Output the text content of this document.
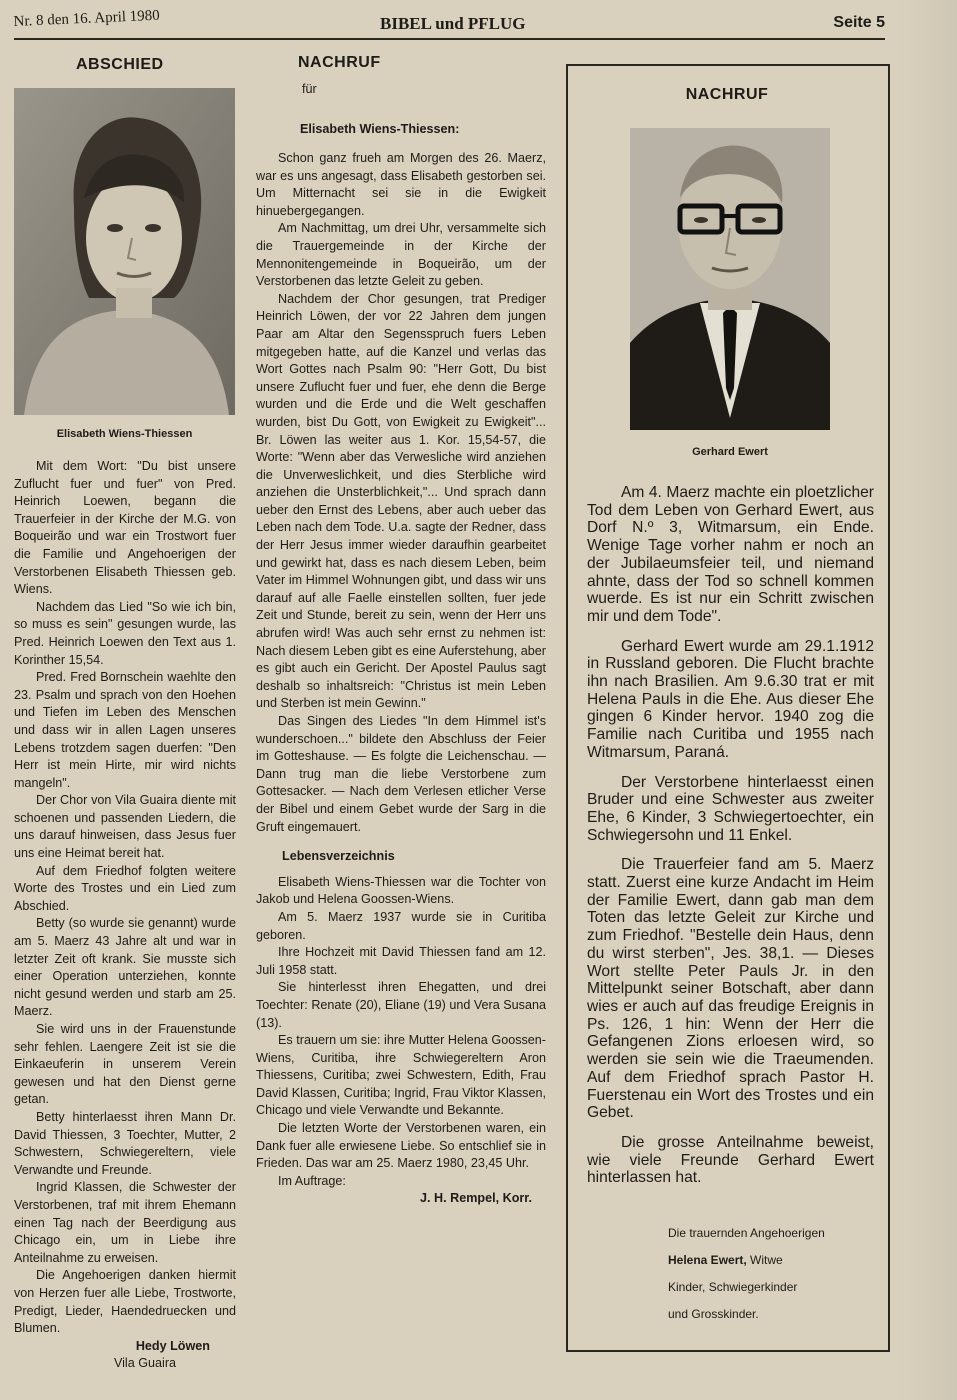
Nr. 8 den 16. April 1980	BIBEL und PFLUG	Seite 5
ABSCHIED
Elisabeth Wiens-Thiessen

Mit dem Wort: "Du bist unsere Zuflucht fuer und fuer" von Pred. Heinrich Loewen, begann die Trauerfeier in der Kirche der M.G. von Boqueirão und war ein Trostwort fuer die Familie und Angehoerigen der Verstorbenen Elisabeth Thiessen geb. Wiens.

Nachdem das Lied "So wie ich bin, so muss es sein" gesungen wurde, las Pred. Heinrich Loewen den Text aus 1. Korinther 15,54.

Pred. Fred Bornschein waehlte den 23. Psalm und sprach von den Hoehen und Tiefen im Leben des Menschen und dass wir in allen Lagen unseres Lebens trotzdem sagen duerfen: "Den Herr ist mein Hirte, mir wird nichts mangeln".

Der Chor von Vila Guaira diente mit schoenen und passenden Liedern, die uns darauf hinweisen, dass Jesus fuer uns eine Heimat bereit hat.

Auf dem Friedhof folgten weitere Worte des Trostes und ein Lied zum Abschied.

Betty (so wurde sie genannt) wurde am 5. Maerz 43 Jahre alt und war in letzter Zeit oft krank. Sie musste sich einer Operation unterziehen, konnte nicht gesund werden und starb am 25. Maerz.

Sie wird uns in der Frauenstunde sehr fehlen. Laengere Zeit ist sie die Einkaeuferin in unserem Verein gewesen und hat den Dienst gerne getan.

Betty hinterlaesst ihren Mann Dr. David Thiessen, 3 Toechter, Mutter, 2 Schwestern, Schwiegereltern, viele Verwandte und Freunde.

Ingrid Klassen, die Schwester der Verstorbenen, traf mit ihrem Ehemann einen Tag nach der Beerdigung aus Chicago ein, um in Liebe ihre Anteilnahme zu erweisen.

Die Angehoerigen danken hiermit von Herzen fuer alle Liebe, Trostworte, Predigt, Lieder, Haendedruecken und Blumen.

Hedy Löwen
Vila Guaira
NACHRUF
für
Elisabeth Wiens-Thiessen:

Schon ganz frueh am Morgen des 26. Maerz, war es uns angesagt, dass Elisabeth gestorben sei. Um Mitternacht sei sie in die Ewigkeit hinuebergegangen.

Am Nachmittag, um drei Uhr, versammelte sich die Trauergemeinde in der Kirche der Mennonitengemeinde in Boqueirão, um der Verstorbenen das letzte Geleit zu geben.

Nachdem der Chor gesungen, trat Prediger Heinrich Löwen, der vor 22 Jahren dem jungen Paar am Altar den Segensspruch fuers Leben mitgegeben hatte, auf die Kanzel und verlas das Wort Gottes nach Psalm 90: "Herr Gott, Du bist unsere Zuflucht fuer und fuer, ehe denn die Berge wurden und die Erde und die Welt geschaffen wurden, bist Du Gott, von Ewigkeit zu Ewigkeit"... Br. Löwen las weiter aus 1. Kor. 15,54-57, die Worte: "Wenn aber das Verwesliche wird anziehen die Unverweslichkeit, und dies Sterbliche wird anziehen die Unsterblichkeit,"... Und sprach dann ueber den Ernst des Lebens, aber auch ueber das Leben nach dem Tode. U.a. sagte der Redner, dass der Herr Jesus immer wieder daraufhin gearbeitet und gewirkt hat, dass es nach diesem Leben, beim Vater im Himmel Wohnungen gibt, und dass wir uns darauf auf alle Faelle einstellen sollten, fuer jede Zeit und Stunde, bereit zu sein, wenn der Herr uns abrufen wird! Was auch sehr ernst zu nehmen ist: Nach diesem Leben gibt es eine Auferstehung, aber es gibt auch ein Gericht. Der Apostel Paulus sagt deshalb so inhaltsreich: "Christus ist mein Leben und Sterben ist mein Gewinn."

Das Singen des Liedes "In dem Himmel ist's wunderschoen..." bildete den Abschluss der Feier im Gotteshause. — Es folgte die Leichenschau. — Dann trug man die liebe Verstorbene zum Gottesacker. — Nach dem Verlesen etlicher Verse der Bibel und einem Gebet wurde der Sarg in die Gruft eingemauert.

Lebensverzeichnis

Elisabeth Wiens-Thiessen war die Tochter von Jakob und Helena Goossen-Wiens.

Am 5. Maerz 1937 wurde sie in Curitiba geboren.

Ihre Hochzeit mit David Thiessen fand am 12. Juli 1958 statt.

Sie hinterlesst ihren Ehegatten, und drei Toechter: Renate (20), Eliane (19) und Vera Susana (13).

Es trauern um sie: ihre Mutter Helena Goossen-Wiens, Curitiba, ihre Schwiegereltern Aron Thiessens, Curitiba; zwei Schwestern, Edith, Frau David Klassen, Curitiba; Ingrid, Frau Viktor Klassen, Chicago und viele Verwandte und Bekannte.

Die letzten Worte der Verstorbenen waren, ein Dank fuer alle erwiesene Liebe. So entschlief sie in Frieden. Das war am 25. Maerz 1980, 23,45 Uhr.

Im Auftrage:

J. H. Rempel, Korr.
NACHRUF
Gerhard Ewert

Am 4. Maerz machte ein ploetzlicher Tod dem Leben von Gerhard Ewert, aus Dorf N.º 3, Witmarsum, ein Ende. Wenige Tage vorher nahm er noch an der Jubilaeumsfeier teil, und niemand ahnte, dass der Tod so schnell kommen wuerde. Es ist nur ein Schritt zwischen mir und dem Tode".

Gerhard Ewert wurde am 29.1.1912 in Russland geboren. Die Flucht brachte ihn nach Brasilien. Am 9.6.30 trat er mit Helena Pauls in die Ehe. Aus dieser Ehe gingen 6 Kinder hervor. 1940 zog die Familie nach Curitiba und 1955 nach Witmarsum, Paraná.

Der Verstorbene hinterlaesst einen Bruder und eine Schwester aus zweiter Ehe, 6 Kinder, 3 Schwiegertoechter, ein Schwiegersohn und 11 Enkel.

Die Trauerfeier fand am 5. Maerz statt. Zuerst eine kurze Andacht im Heim der Familie Ewert, dann gab man dem Toten das letzte Geleit zur Kirche und zum Friedhof. "Bestelle dein Haus, denn du wirst sterben", Jes. 38,1. — Dieses Wort stellte Peter Pauls Jr. in den Mittelpunkt seiner Botschaft, aber dann wies er auch auf das freudige Ereignis in Ps. 126, 1 hin: Wenn der Herr die Gefangenen Zions erloesen wird, so werden sie sein wie die Traeumenden. Auf dem Friedhof sprach Pastor H. Fuerstenau ein Wort des Trostes und ein Gebet.

Die grosse Anteilnahme beweist, wie viele Freunde Gerhard Ewert hinterlassen hat.

Die trauernden Angehoerigen
Helena Ewert, Witwe
Kinder, Schwiegerkinder
und Grosskinder.
